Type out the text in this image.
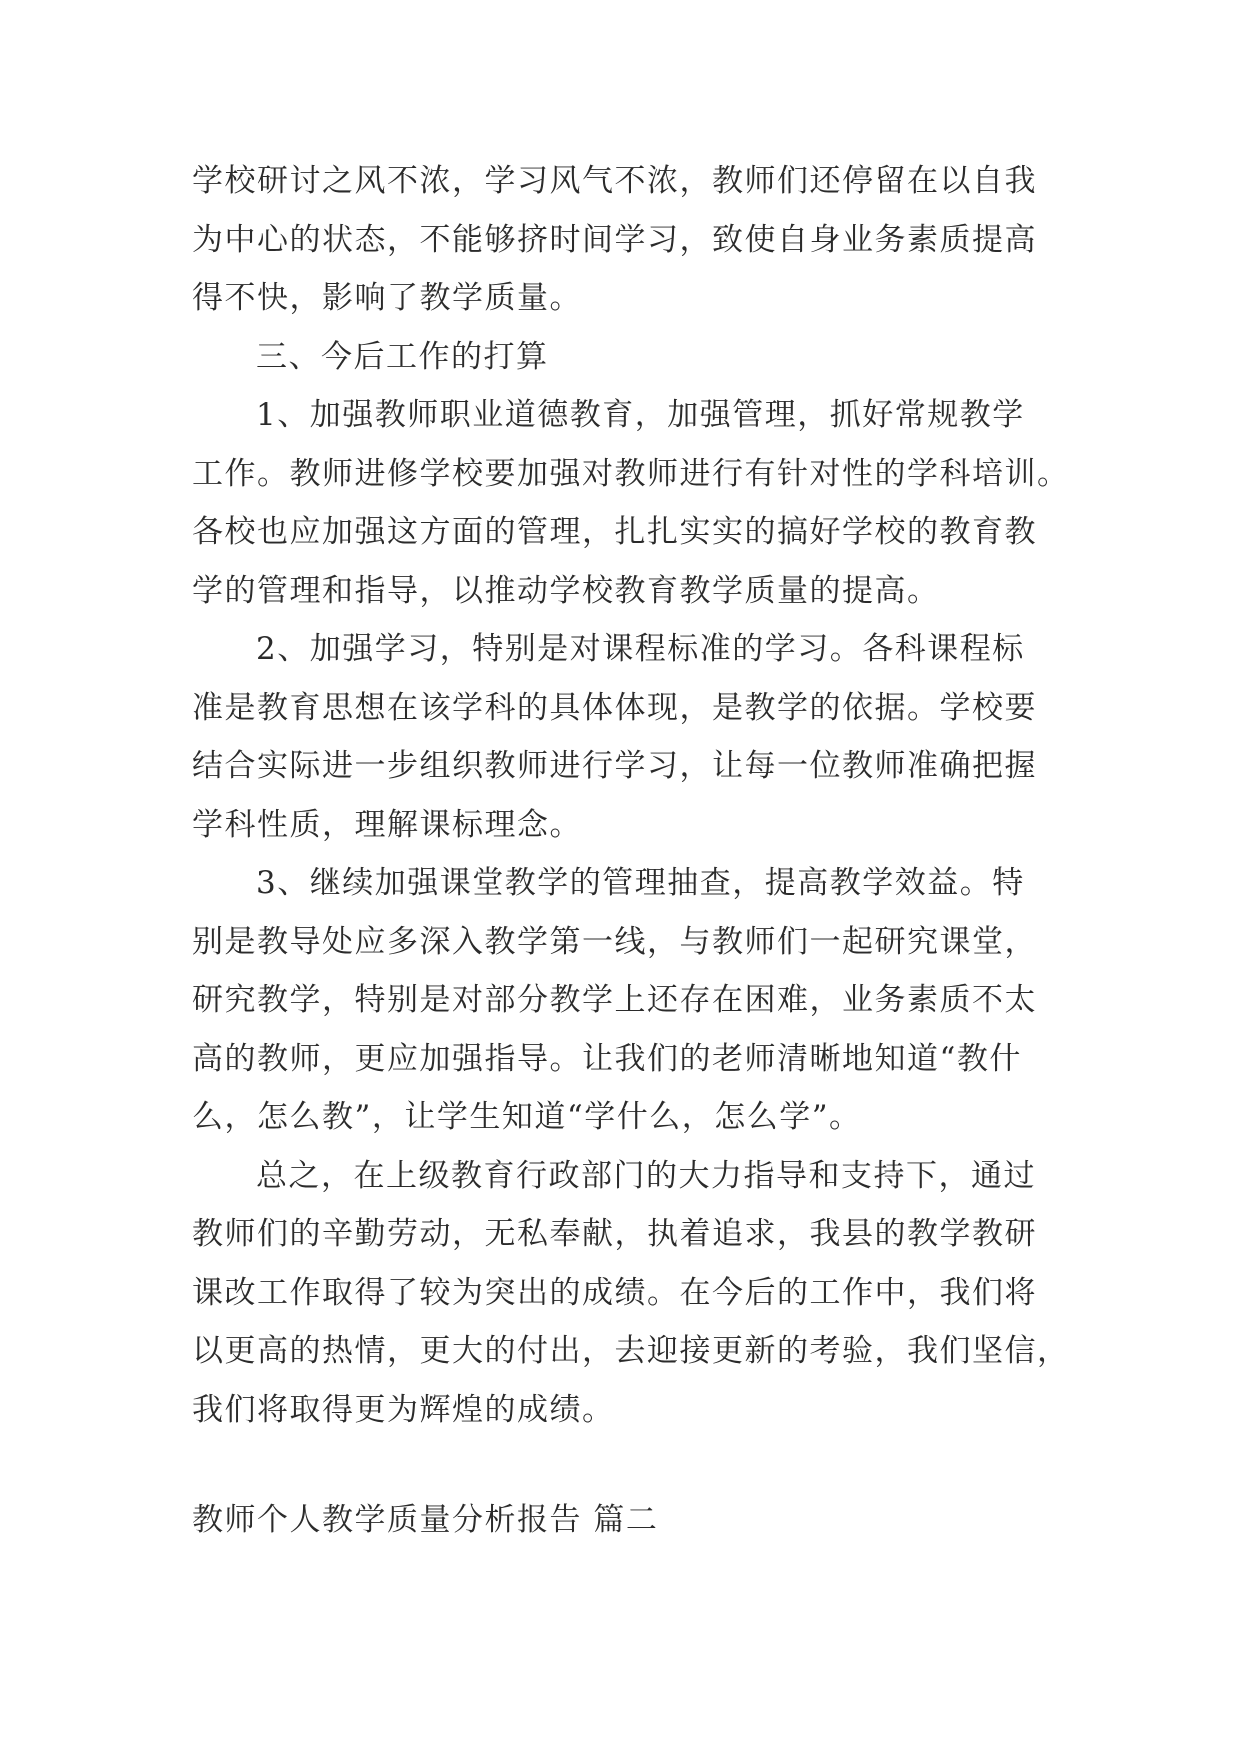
学校研讨之风不浓，学习风气不浓，教师们还停留在以自我
为中心的状态，不能够挤时间学习，致使自身业务素质提高
得不快，影响了教学质量。
三、今后工作的打算
1、加强教师职业道德教育，加强管理，抓好常规教学
工作。教师进修学校要加强对教师进行有针对性的学科培训。
各校也应加强这方面的管理，扎扎实实的搞好学校的教育教
学的管理和指导，以推动学校教育教学质量的提高。
2、加强学习，特别是对课程标准的学习。各科课程标
准是教育思想在该学科的具体体现，是教学的依据。学校要
结合实际进一步组织教师进行学习，让每一位教师准确把握
学科性质，理解课标理念。
3、继续加强课堂教学的管理抽查，提高教学效益。特
别是教导处应多深入教学第一线，与教师们一起研究课堂，
研究教学，特别是对部分教学上还存在困难，业务素质不太
高的教师，更应加强指导。让我们的老师清晰地知道“教什
么，怎么教”，让学生知道“学什么，怎么学”。
总之，在上级教育行政部门的大力指导和支持下，通过
教师们的辛勤劳动，无私奉献，执着追求，我县的教学教研
课改工作取得了较为突出的成绩。在今后的工作中，我们将
以更高的热情，更大的付出，去迎接更新的考验，我们坚信，
我们将取得更为辉煌的成绩。
教师个人教学质量分析报告 篇二
